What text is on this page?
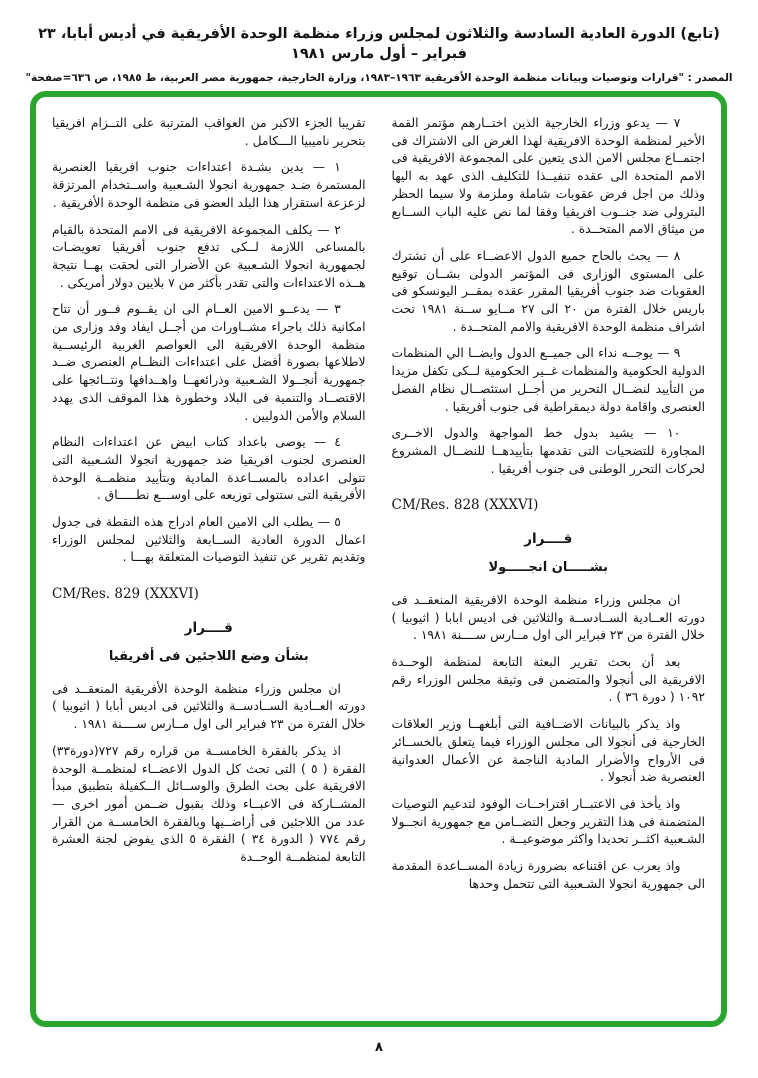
(تابع) الدورة العادية السادسة والثلاثون لمجلس وزراء منظمة الوحدة الأفريقية في أديس أبابا، ٢٣ فبراير – أول مارس ١٩٨١

المصدر : "قرارات وتوصيات وبيانات منظمة الوحدة الأفريقية ١٩٦٣–١٩٨٣، وزارة الخارجية، جمهورية مصر العربية، ط ١٩٨٥، ص ٦٣٦=صفحة"

٧ — يدعو وزراء الخارجية الذين اختــارهم مؤتمر القمة الأخير لمنظمة الوحدة الافريقية لهذا الغرض الى الاشتراك فى اجتمــاع مجلس الامن الذى يتعين على المجموعة الافريقية فى الامم المتحدة الى عقده تنفيــذا للتكليف الذى عهد به اليها وذلك من اجل فرض عقوبات شاملة وملزمة ولا سيما الحظر البترولى ضد جنــوب افريقيا وفقا لما نص عليه الباب الســابع من ميثاق الامم المتحــدة .

٨ — يحث بالحاح جميع الدول الاعضــاء على أن تشترك على المستوى الوزارى فى المؤتمر الدولى بشــان توقيع العقوبات ضد جنوب أفريقيا المقرر عقده بمقــر اليونسكو فى باريس خلال الفترة من ٢٠ الى ٢٧ مــايو ســنة ١٩٨١ تحت اشراف منظمة الوحدة الافريقية والامم المتحــدة .

٩ — يوجــه نداء الى جميــع الدول وايضــا الي المنظمات الدولية الحكومية والمنظمات غــير الحكومية لــكى تكفل مزيدا من التأييد لنضــال التحرير من أجــل استئصــال نظام الفصل العنصرى واقامة دولة ديمقراطية فى جنوب أفريقيا .

١٠ — يشيد بدول خط المواجهة والدول الاخــرى المجاورة للتضحيات التى تقدمها بتأييدهــا للنضــال المشروع لحركات التحرر الوطنى فى جنوب أفريقيا .

CM/Res. 828 (XXXVI)

قــــرار

بشـــــان انجـــــولا

ان مجلس وزراء منظمة الوحدة الافريقية المنعقــد فى دورته العــادية الســادســة والثلاثين فى اديس ابابا ( اثيوبيا ) خلال الفترة من ٢٣ فبراير الى اول مــارس ســــنة ١٩٨١ .

بعد أن بحث تقرير البعثة التابعة لمنظمة الوحــدة الافريقية الى أنجولا والمتضمن فى وثيقة مجلس الوزراء رقم ١٠٩٢ ( دورة ٣٦ ) .

واذ يذكر بالبيانات الاضــافية التى أبلغهــا وزير العلاقات الخارجية فى أنجولا الى مجلس الوزراء فيما يتعلق بالخســائر فى الأرواح والأضرار المادية الناجمة عن الأعمال العدوانية العنصرية ضد أنجولا .

واذ يأخذ فى الاعتبــار اقتراحــات الوفود لتدعيم التوصيات المتضمنة فى هذا التقرير وجعل التضــامن مع جمهورية انجــولا الشـعبية اكثــر تحديدا واكثر موضوعيــة .

واذ يعرب عن اقتناعه بضرورة زيادة المســاعدة المقدمة الى جمهورية انجولا الشـعبية التى تتحمل وحدها

تقريبا الجزء الاكبر من العواقب المترتبة على التــزام افريقيا بتحرير ناميبيا الـــكامل .

١ — يدين بشـدة اعتداءات جنوب افريقيا العنصرية المستمرة ضـد جمهورية انجولا الشـعبية واســتخدام المرتزقة لزعزعة استقرار هذا البلد العضو فى منظمة الوحدة الأفريقية .

٢ — يكلف المجموعة الافريقية فى الامم المتحدة بالقيام بالمساعى اللازمة لــكى تدفع جنوب أفريقيا تعويضـات لجمهورية انجولا الشـعبية عن الأضرار التى لحقت بهــا نتيجة هــذه الاعتداءات والتى تقدر بأكثر من ٧ بلايين دولار أمريكى .

٣ — يدعــو الامين العــام الى ان يقــوم فــور أن تتاح امكانية ذلك باجراء مشــاورات من أجــل ايفاد وفد وزارى من منظمة الوحدة الافريقية الى العواصم الغربية الرئيســية لاطلاعها بصورة أفضل على اعتداءات النظــام العنصرى ضــد جمهورية أنجــولا الشـعبية وذرائعهــا واهــدافها ونتــائجها على الاقتصــاد والتنمية فى البلاد وخطورة هذا الموقف الذى يهدد السلام والأمن الدوليين .

٤ — يوصى باعداد كتاب ابيض عن اعتداءات النظام العنصرى لجنوب افريقيا ضد جمهورية انجولا الشـعبية التى تتولى اعداده بالمســاعدة المادية وبتأييد منظمــة الوحدة الأفريقية التى ستتولى توزيعه على اوســـع نطـــــاق .

٥ — يطلب الى الامين العام ادراج هذه النقطة فى جدول اعمال الدورة العادية الســابعة والثلاثين لمجلس الوزراء وتقديم تقرير عن تنفيذ التوصيات المتعلقة بهـــا .

CM/Res. 829 (XXXVI)

قــــرار

بشأن وضع اللاجئين فى أفريقيا

ان مجلس وزراء منظمة الوحدة الأفريقية المنعقــد فى دورته العــادية الســادســة والثلاثين فى اديس أبابا ( اثيوبيا ) خلال الفترة من ٢٣ فبراير الى اول مــارس ســــنة ١٩٨١ .

اذ يذكر بالفقرة الخامســة من قراره رقم ٧٢٧(دورة٣٣) الفقرة ( ٥ ) التى تحث كل الدول الاعضــاء لمنظمــة الوحدة الافريقية على بحث الطرق والوســائل الــكفيلة بتطبيق مبدأ المشــاركة فى الاعبــاء وذلك بقبول ضــمن أمور اخرى — عدد من اللاجئين فى أراضــيها وبالفقرة الخامســة من القرار رقم ٧٧٤ ( الدورة ٣٤ ) الفقرة ٥ الذى يفوض لجنة العشرة التابعة لمنظمــة الوحــدة

٨
